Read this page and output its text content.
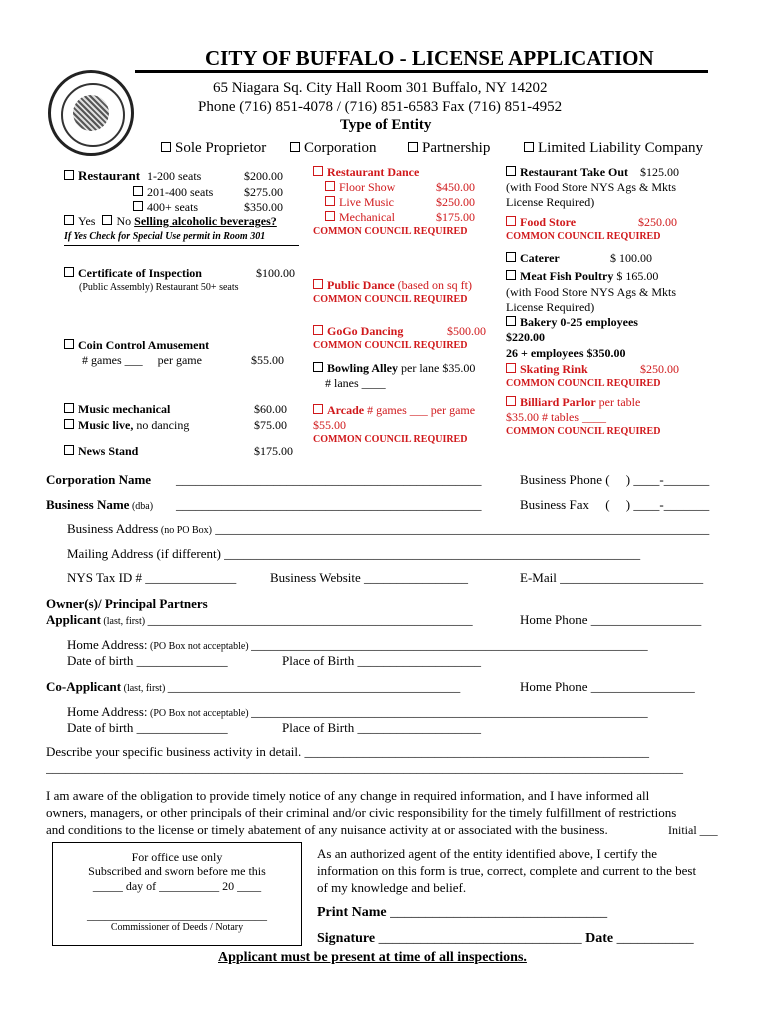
CITY OF BUFFALO - LICENSE APPLICATION
65 Niagara Sq. City Hall Room 301 Buffalo, NY 14202
Phone (716) 851-4078 / (716) 851-6583 Fax (716) 851-4952
Type of Entity
Sole Proprietor	Corporation	Partnership	Limited Liability Company
Restaurant 1-200 seats	$200.00
201-400 seats	$275.00
400+ seats	$350.00
Yes No Selling alcoholic beverages?
If Yes Check for Special Use permit in Room 301
Certificate of Inspection	$100.00
(Public Assembly) Restaurant 50+ seats
Coin Control Amusement
# games ___     per game	$55.00
Music mechanical	$60.00
Music live, no dancing	$75.00
News Stand	$175.00
Restaurant Dance
Floor Show	$450.00
Live Music	$250.00
Mechanical	$175.00
COMMON COUNCIL REQUIRED
Public Dance (based on sq ft)
COMMON COUNCIL REQUIRED
GoGo Dancing	$500.00
COMMON COUNCIL REQUIRED
Bowling Alley per lane $35.00
# lanes ____
Arcade # games ___ per game
$55.00
COMMON COUNCIL REQUIRED
Restaurant Take Out $125.00
(with Food Store NYS Ags & Mkts
License Required)
Food Store	$250.00
COMMON COUNCIL REQUIRED
Caterer	$ 100.00
Meat Fish Poultry $ 165.00
(with Food Store NYS Ags & Mkts
License Required)
Bakery 0-25 employees
$220.00
26 + employees $350.00
Skating Rink	$250.00
COMMON COUNCIL REQUIRED
Billiard Parlor per table
$35.00 # tables ____
COMMON COUNCIL REQUIRED
Corporation Name _______________________________________________	Business Phone (     ) ____-_______
Business Name (dba) _______________________________________________	Business Fax     (     ) ____-_______
Business Address (no PO Box) ____________________________________________________________________________
Mailing Address (if different) ________________________________________________________________
NYS Tax ID # ______________	Business Website ________________	E-Mail ______________________
Owner(s)/ Principal Partners
Applicant (last, first) __________________________________________________	Home Phone _________________
Home Address: (PO Box not acceptable) _____________________________________________________________
Date of birth ______________	Place of Birth ___________________
Co-Applicant (last, first) _____________________________________________	Home Phone ________________
Home Address: (PO Box not acceptable) _____________________________________________________________
Date of birth ______________	Place of Birth ___________________
Describe your specific business activity in detail. _____________________________________________________
__________________________________________________________________________________________________
I am aware of the obligation to provide timely notice of any change in required information, and I have informed all
owners, managers, or other principals of their criminal and/or civic responsibility for the timely fulfillment of restrictions
and conditions to the license or timely abatement of any nuisance activity at or associated with the business.	Initial ___
For office use only
Subscribed and sworn before me this
_____ day of __________ 20 ____
______________________________
Commissioner of Deeds / Notary
As an authorized agent of the entity identified above, I certify the
information on this form is true, correct, complete and current to the best
of my knowledge and belief.
Print Name _______________________________
Signature _____________________________ Date ___________
Applicant must be present at time of all inspections.
